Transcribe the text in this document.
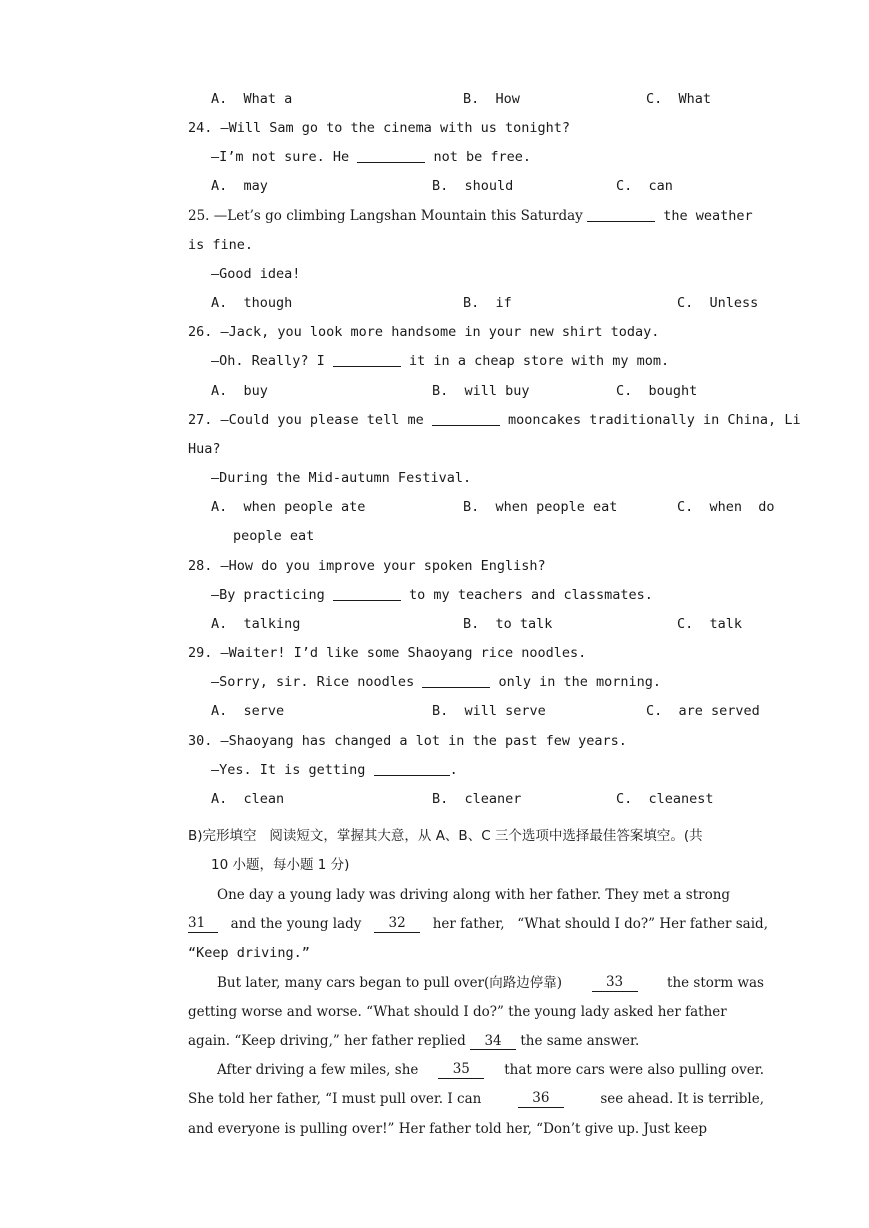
A.  What a	B.  How	C.  What
24. —Will Sam go to the cinema with us tonight?
—I’m not sure. He	not be free.
A.  may	B.  should	C.  can
25. —Let’s go climbing Langshan Mountain this Saturday	the weather
is fine.
—Good idea!
A.  though	B.  if	C.  Unless
26. —Jack, you look more handsome in your new shirt today.
—Oh. Really? I	it in a cheap store with my mom.
A.  buy	B.  will buy	C.  bought
27. —Could you please tell me	mooncakes traditionally in China, Li
Hua?
—During the Mid-autumn Festival.
A.  when people ate	B.  when people eat	C.  when  do
people eat
28. —How do you improve your spoken English?
—By practicing	to my teachers and classmates.
A.  talking	B.  to talk	C.  talk
29. —Waiter! I’d like some Shaoyang rice noodles.
—Sorry, sir. Rice noodles	only in the morning.
A.  serve	B.  will serve	C.  are served
30. —Shaoyang has changed a lot in the past few years.
—Yes. It is getting	.
A.  clean	B.  cleaner	C.  cleanest
B)完形填空   阅读短文，掌握其大意，从 A、B、C 三个选项中选择最佳答案填空。(共
10 小题，每小题 1 分)
One day a young lady was driving along with her father. They met a strong
31	and the young lady	32	her father, “What should I do?” Her father said,
“Keep driving.”
But later, many cars began to pull over(向路边停靠)	33	the storm was
getting worse and worse. “What should I do?” the young lady asked her father
again. “Keep driving,” her father replied 34 the same answer.
After driving a few miles, she	35	that more cars were also pulling over.
She told her father, “I must pull over. I can	36	see ahead. It is terrible,
and everyone is pulling over!” Her father told her, “Don’t give up. Just keep
